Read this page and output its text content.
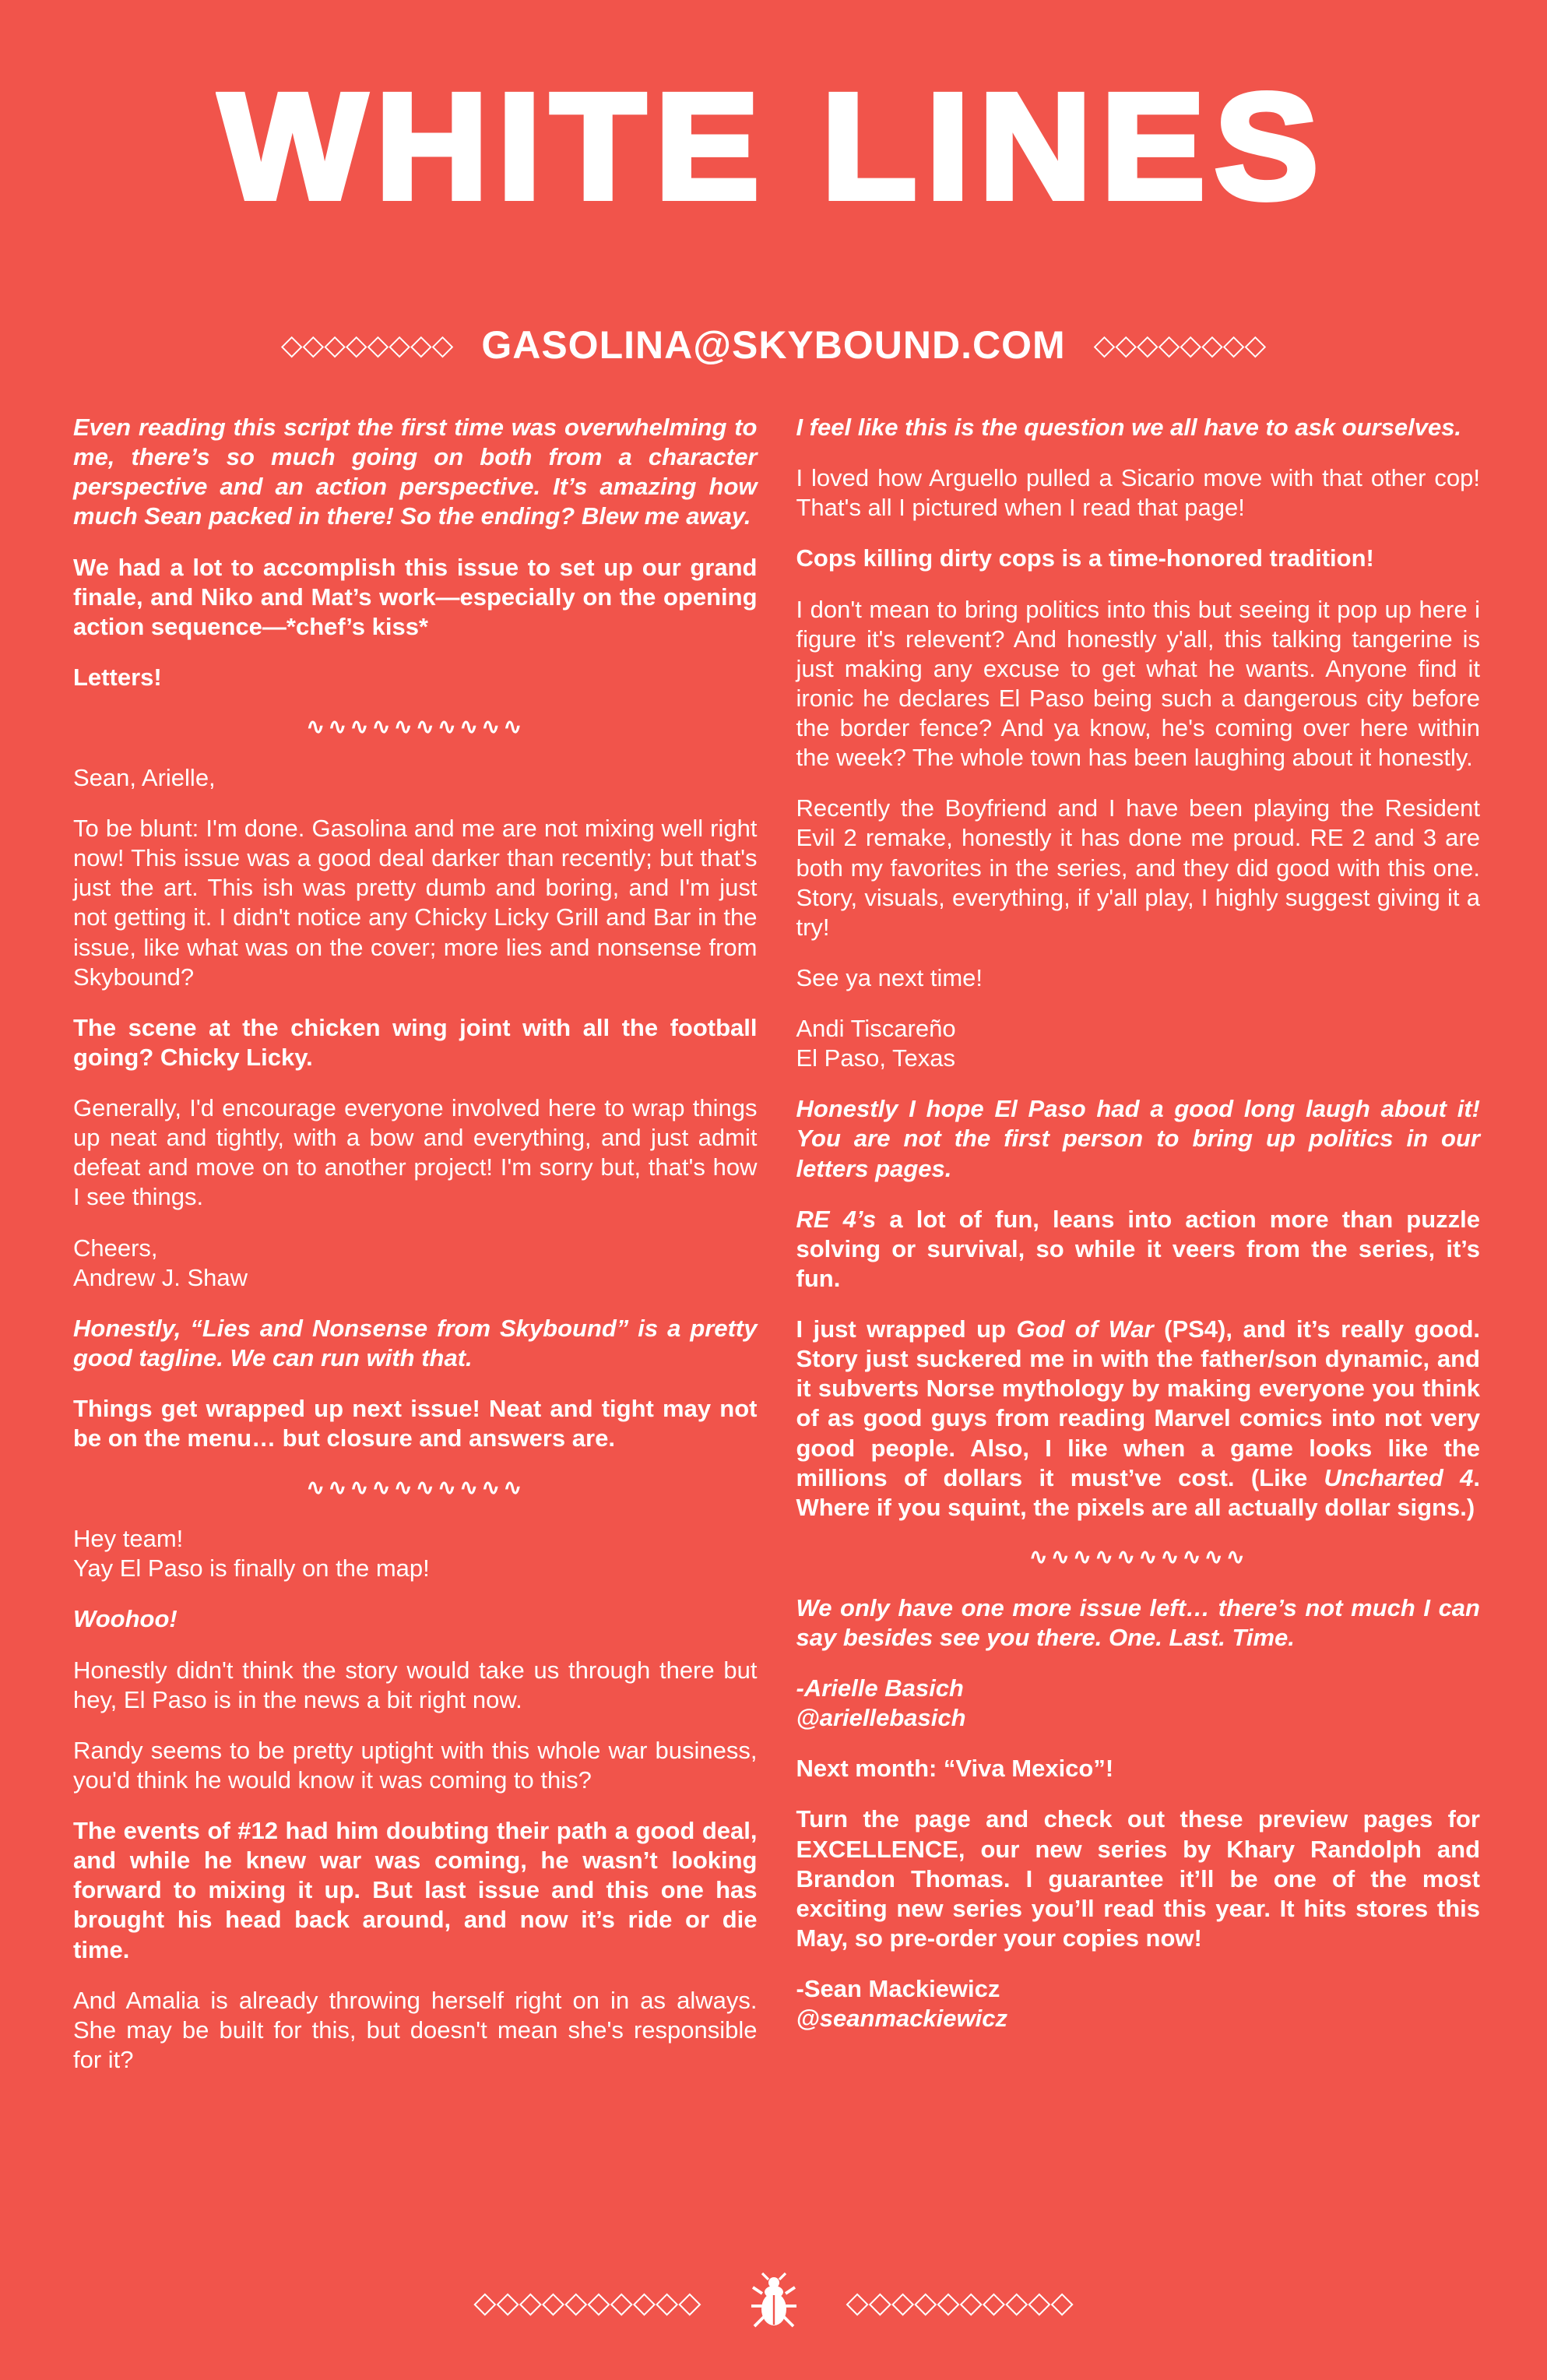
WHITE LINES
◇◇◇◇◇◇◇◇ GASOLINA@SKYBOUND.COM ◇◇◇◇◇◇◇◇

Even reading this script the first time was overwhelming to me, there’s so much going on both from a character perspective and an action perspective. It’s amazing how much Sean packed in there! So the ending? Blew me away.

We had a lot to accomplish this issue to set up our grand finale, and Niko and Mat’s work—especially on the opening action sequence—*chef’s kiss*

Letters!

∿∿∿∿∿∿∿∿∿∿

Sean, Arielle,

To be blunt: I'm done. Gasolina and me are not mixing well right now! This issue was a good deal darker than recently; but that's just the art. This ish was pretty dumb and boring, and I'm just not getting it. I didn't notice any Chicky Licky Grill and Bar in the issue, like what was on the cover; more lies and nonsense from Skybound?

The scene at the chicken wing joint with all the football going? Chicky Licky.

Generally, I'd encourage everyone involved here to wrap things up neat and tightly, with a bow and everything, and just admit defeat and move on to another project! I'm sorry but, that's how I see things.

Cheers,
Andrew J. Shaw

Honestly, “Lies and Nonsense from Skybound” is a pretty good tagline. We can run with that.

Things get wrapped up next issue! Neat and tight may not be on the menu… but closure and answers are.

∿∿∿∿∿∿∿∿∿∿

Hey team!
Yay El Paso is finally on the map!

Woohoo!

Honestly didn't think the story would take us through there but hey, El Paso is in the news a bit right now.

Randy seems to be pretty uptight with this whole war business, you'd think he would know it was coming to this?

The events of #12 had him doubting their path a good deal, and while he knew war was coming, he wasn’t looking forward to mixing it up. But last issue and this one has brought his head back around, and now it’s ride or die time.

And Amalia is already throwing herself right on in as always. She may be built for this, but doesn't mean she's responsible for it?

I feel like this is the question we all have to ask ourselves.

I loved how Arguello pulled a Sicario move with that other cop! That's all I pictured when I read that page!

Cops killing dirty cops is a time-honored tradition!

I don't mean to bring politics into this but seeing it pop up here i figure it's relevent? And honestly y'all, this talking tangerine is just making any excuse to get what he wants. Anyone find it ironic he declares El Paso being such a dangerous city before the border fence? And ya know, he's coming over here within the week? The whole town has been laughing about it honestly.

Recently the Boyfriend and I have been playing the Resident Evil 2 remake, honestly it has done me proud. RE 2 and 3 are both my favorites in the series, and they did good with this one. Story, visuals, everything, if y'all play, I highly suggest giving it a try!

See ya next time!

Andi Tiscareño
El Paso, Texas

Honestly I hope El Paso had a good long laugh about it! You are not the first person to bring up politics in our letters pages.

RE 4’s a lot of fun, leans into action more than puzzle solving or survival, so while it veers from the series, it’s fun.

I just wrapped up God of War (PS4), and it’s really good. Story just suckered me in with the father/son dynamic, and it subverts Norse mythology by making everyone you think of as good guys from reading Marvel comics into not very good people. Also, I like when a game looks like the millions of dollars it must’ve cost. (Like Uncharted 4. Where if you squint, the pixels are all actually dollar signs.)

∿∿∿∿∿∿∿∿∿∿

We only have one more issue left… there’s not much I can say besides see you there. One. Last. Time.

-Arielle Basich
@ariellebasich

Next month: “Viva Mexico”!

Turn the page and check out these preview pages for EXCELLENCE, our new series by Khary Randolph and Brandon Thomas. I guarantee it’ll be one of the most exciting new series you’ll read this year. It hits stores this May, so pre-order your copies now!

-Sean Mackiewicz
@seanmackiewicz

◇◇◇◇◇◇◇◇◇◇	◇◇◇◇◇◇◇◇◇◇
